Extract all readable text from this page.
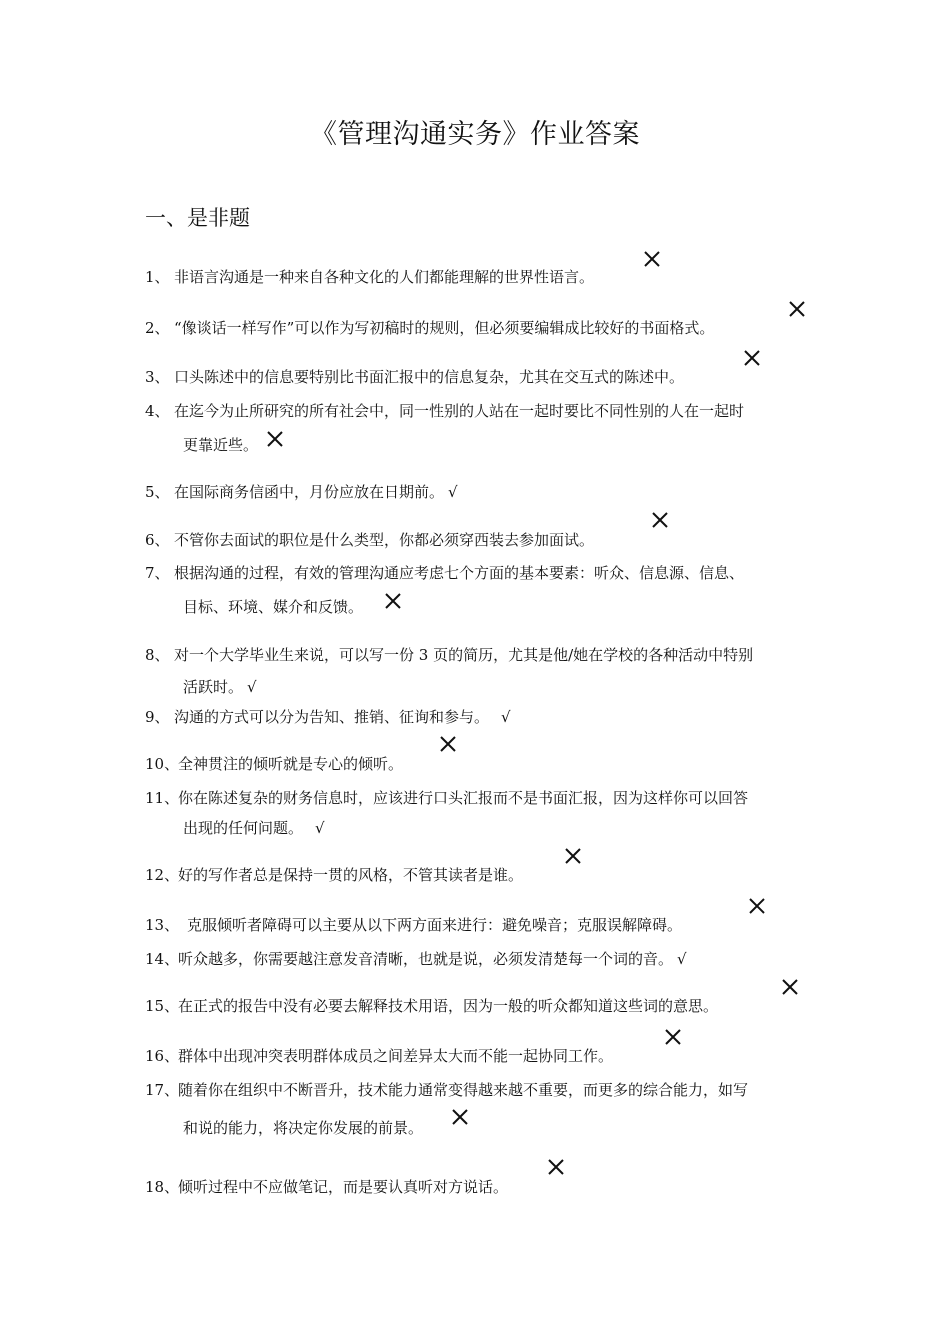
《管理沟通实务》作业答案
一、是非题
1、 非语言沟通是一种来自各种文化的人们都能理解的世界性语言。
2、 “像谈话一样写作”可以作为写初稿时的规则，但必须要编辑成比较好的书面格式。
3、 口头陈述中的信息要特别比书面汇报中的信息复杂，尤其在交互式的陈述中。
4、 在迄今为止所研究的所有社会中，同一性别的人站在一起时要比不同性别的人在一起时
更靠近些。
5、 在国际商务信函中，月份应放在日期前。 √
6、 不管你去面试的职位是什么类型，你都必须穿西装去参加面试。
7、 根据沟通的过程，有效的管理沟通应考虑七个方面的基本要素：听众、信息源、信息、
目标、环境、媒介和反馈。
8、 对一个大学毕业生来说，可以写一份 3 页的简历，尤其是他/她在学校的各种活动中特别
活跃时。 √
9、 沟通的方式可以分为告知、推销、征询和参与。 √
10、全神贯注的倾听就是专心的倾听。
11、你在陈述复杂的财务信息时，应该进行口头汇报而不是书面汇报，因为这样你可以回答
出现的任何问题。 √
12、好的写作者总是保持一贯的风格，不管其读者是谁。
13、 克服倾听者障碍可以主要从以下两方面来进行：避免噪音；克服误解障碍。
14、听众越多，你需要越注意发音清晰，也就是说，必须发清楚每一个词的音。 √
15、在正式的报告中没有必要去解释技术用语，因为一般的听众都知道这些词的意思。
16、群体中出现冲突表明群体成员之间差异太大而不能一起协同工作。
17、随着你在组织中不断晋升，技术能力通常变得越来越不重要，而更多的综合能力，如写
和说的能力，将决定你发展的前景。
18、倾听过程中不应做笔记，而是要认真听对方说话。
